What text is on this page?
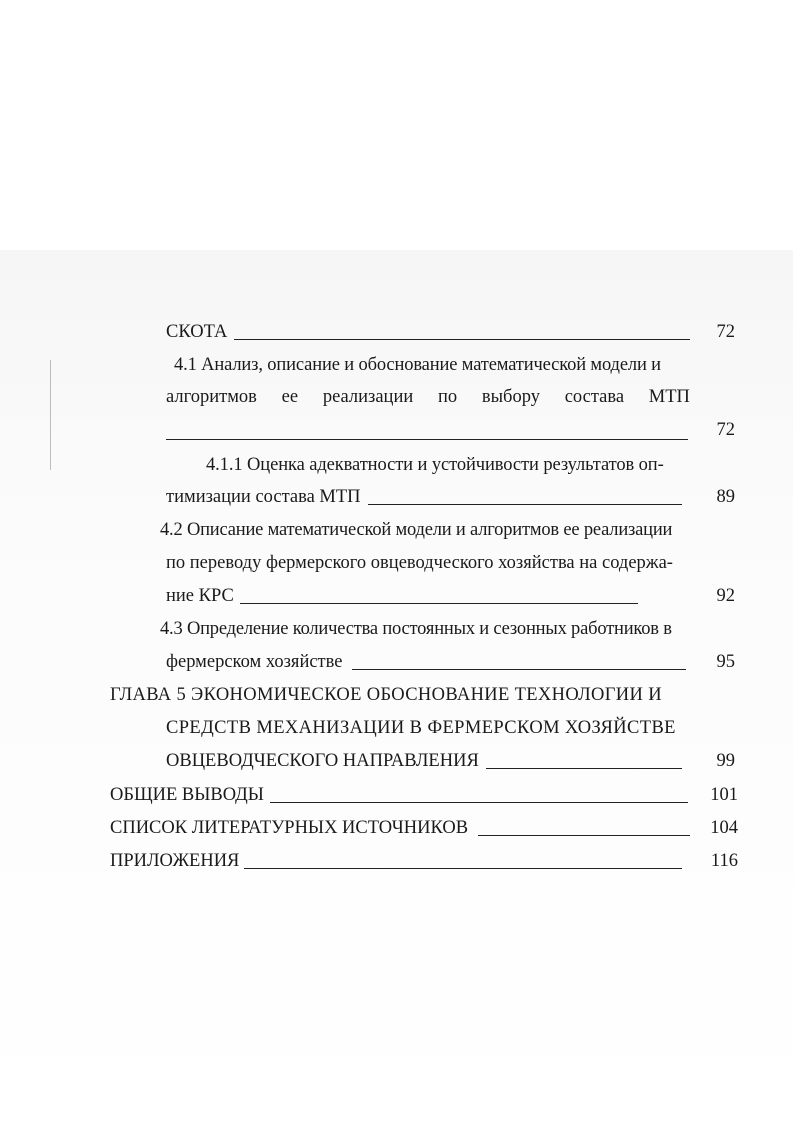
СКОТА	72
4.1 Анализ, описание и обоснование математической модели и
алгоритмов ее реализации по выбору состава МТП
72
4.1.1 Оценка адекватности и устойчивости результатов оп-
тимизации состава МТП	89
4.2 Описание математической модели и алгоритмов ее реализации
по переводу фермерского овцеводческого хозяйства на содержа-
ние КРС	92
4.3 Определение количества постоянных и сезонных работников в
фермерском хозяйстве	95
ГЛАВА 5 ЭКОНОМИЧЕСКОЕ ОБОСНОВАНИЕ ТЕХНОЛОГИИ И
СРЕДСТВ МЕХАНИЗАЦИИ В ФЕРМЕРСКОМ ХОЗЯЙСТВЕ
ОВЦЕВОДЧЕСКОГО НАПРАВЛЕНИЯ	99
ОБЩИЕ ВЫВОДЫ	101
СПИСОК ЛИТЕРАТУРНЫХ ИСТОЧНИКОВ	104
ПРИЛОЖЕНИЯ	116
